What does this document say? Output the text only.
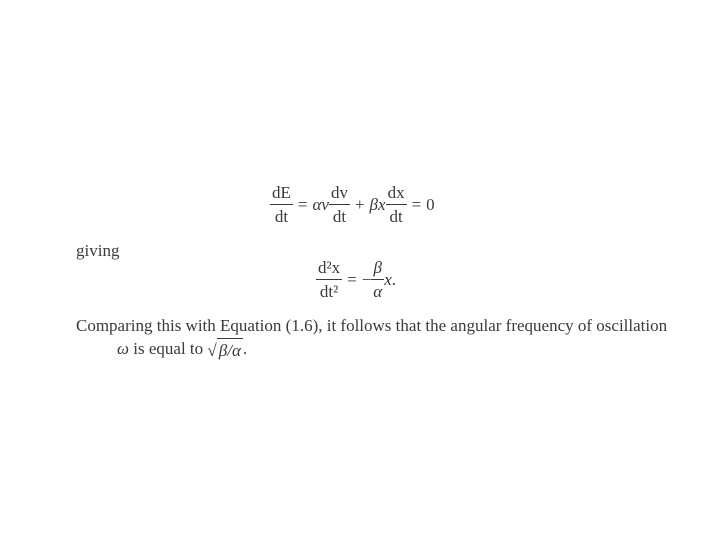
$\frac{dE}{dt} = \alpha v \frac{dv}{dt} + \beta x \frac{dx}{dt} = 0$
giving
$\frac{\text{d²x}}{\text{dt²}}$ = − $\frac{\beta}{\alpha}$ x .
Comparing this with Equation (1.6), it follows that the angular frequency of oscillation
ω is equal to √ β/α .
